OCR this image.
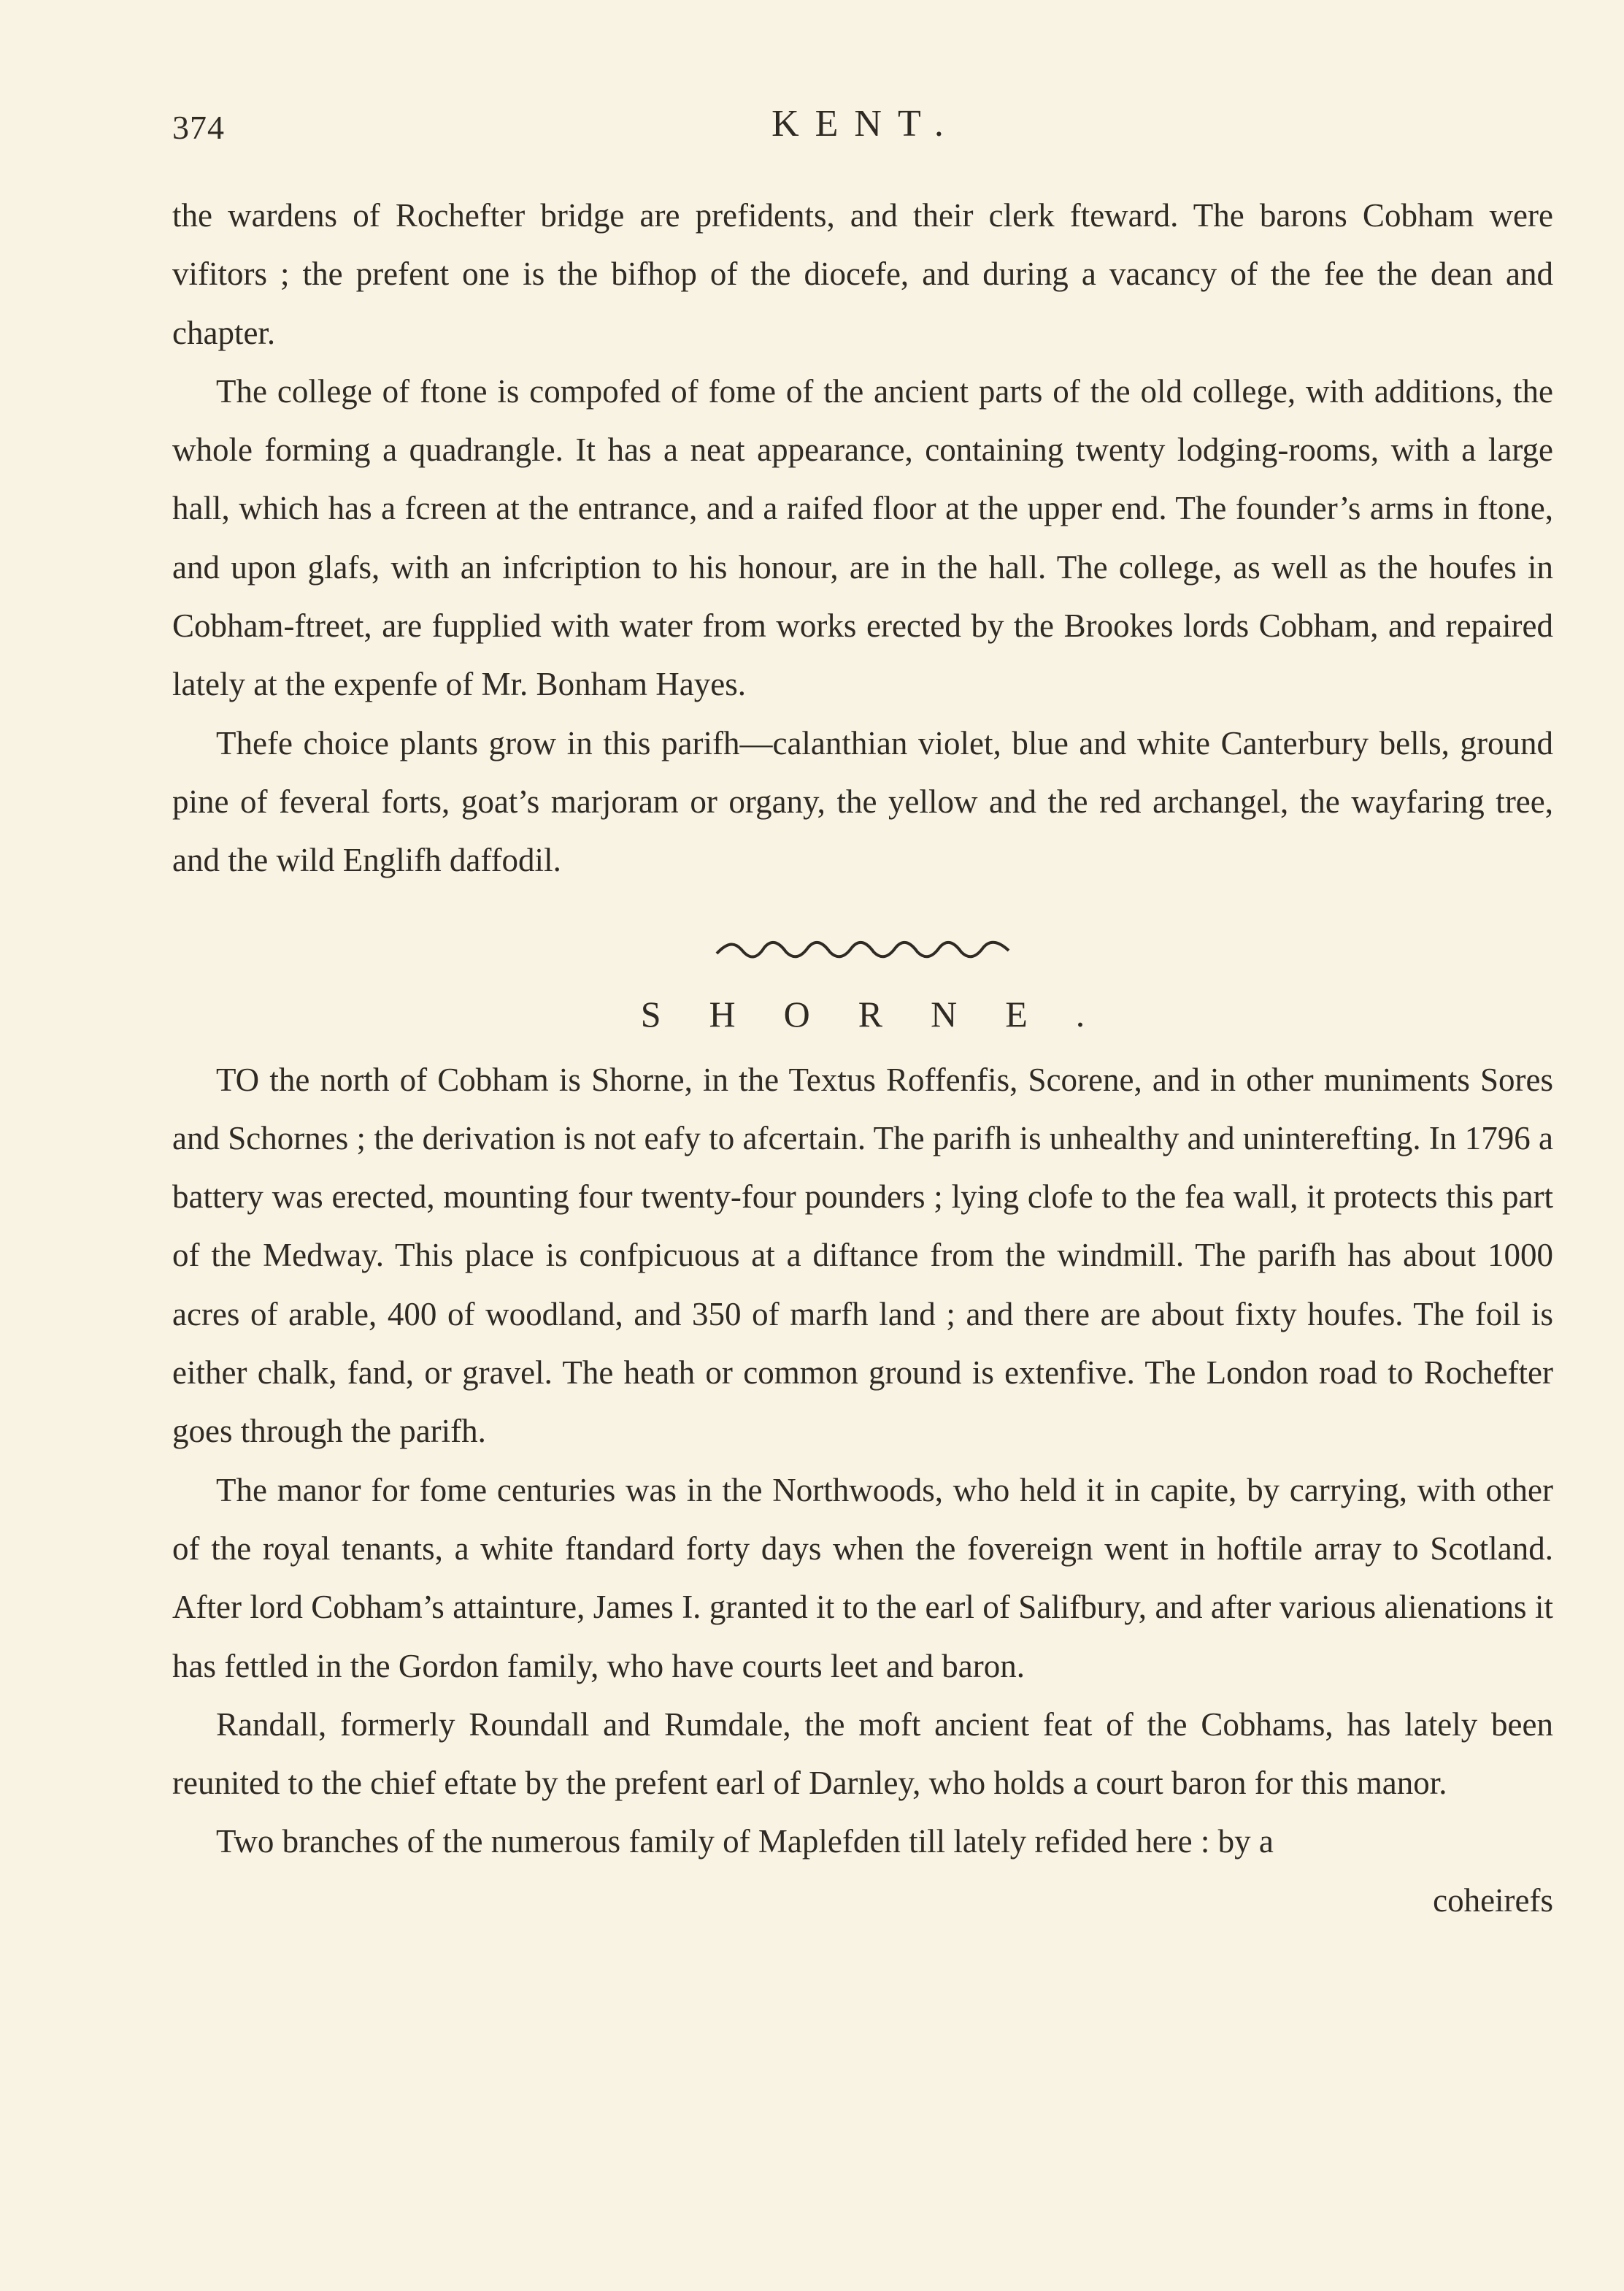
374	KENT.

the wardens of Rochefter bridge are prefidents, and their clerk fteward. The barons Cobham were vifitors ; the prefent one is the bifhop of the diocefe, and during a vacancy of the fee the dean and chapter.

The college of ftone is compofed of fome of the ancient parts of the old college, with additions, the whole forming a quadrangle. It has a neat appearance, containing twenty lodging-rooms, with a large hall, which has a fcreen at the entrance, and a raifed floor at the upper end. The founder’s arms in ftone, and upon glafs, with an infcription to his honour, are in the hall. The college, as well as the houfes in Cobham-ftreet, are fupplied with water from works erected by the Brookes lords Cobham, and repaired lately at the expenfe of Mr. Bonham Hayes.

Thefe choice plants grow in this parifh—calanthian violet, blue and white Canterbury bells, ground pine of feveral forts, goat’s marjoram or organy, the yellow and the red archangel, the wayfaring tree, and the wild Englifh daffodil.

SHORNE.

TO the north of Cobham is Shorne, in the Textus Roffenfis, Scorene, and in other muniments Sores and Schornes ; the derivation is not eafy to afcertain. The parifh is unhealthy and uninterefting. In 1796 a battery was erected, mounting four twenty-four pounders ; lying clofe to the fea wall, it protects this part of the Medway. This place is confpicuous at a diftance from the windmill. The parifh has about 1000 acres of arable, 400 of woodland, and 350 of marfh land ; and there are about fixty houfes. The foil is either chalk, fand, or gravel. The heath or common ground is extenfive. The London road to Rochefter goes through the parifh.

The manor for fome centuries was in the Northwoods, who held it in capite, by carrying, with other of the royal tenants, a white ftandard forty days when the fovereign went in hoftile array to Scotland. After lord Cobham’s attainture, James I. granted it to the earl of Salifbury, and after various alienations it has fettled in the Gordon family, who have courts leet and baron.

Randall, formerly Roundall and Rumdale, the moft ancient feat of the Cobhams, has lately been reunited to the chief eftate by the prefent earl of Darnley, who holds a court baron for this manor.

Two branches of the numerous family of Maplefden till lately refided here : by a

coheirefs
